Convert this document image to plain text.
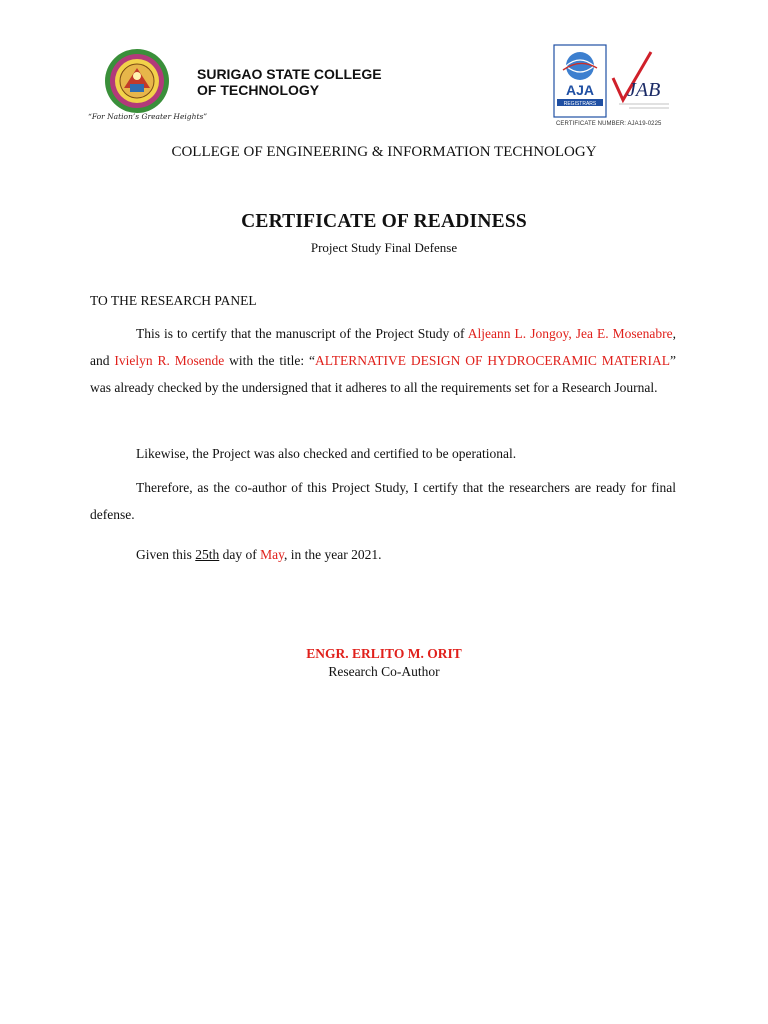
“For Nation’s Greater Heights”
SURIGAO STATE COLLEGE
OF TECHNOLOGY	AJA
REGISTRARS
JAB
CERTIFICATE NUMBER: AJA19-0225
COLLEGE OF ENGINEERING & INFORMATION TECHNOLOGY
CERTIFICATE OF READINESS
Project Study Final Defense
TO THE RESEARCH PANEL

This is to certify that the manuscript of the Project Study of Aljeann L. Jongoy, Jea E. Mosenabre, and Ivielyn R. Mosende with the title: “ALTERNATIVE DESIGN OF HYDROCERAMIC MATERIAL” was already checked by the undersigned that it adheres to all the requirements set for a Research Journal.

Likewise, the Project was also checked and certified to be operational.

Therefore, as the co-author of this Project Study, I certify that the researchers are ready for final defense.

Given this 25th day of May, in the year 2021.

ENGR. ERLITO M. ORIT
Research Co-Author
